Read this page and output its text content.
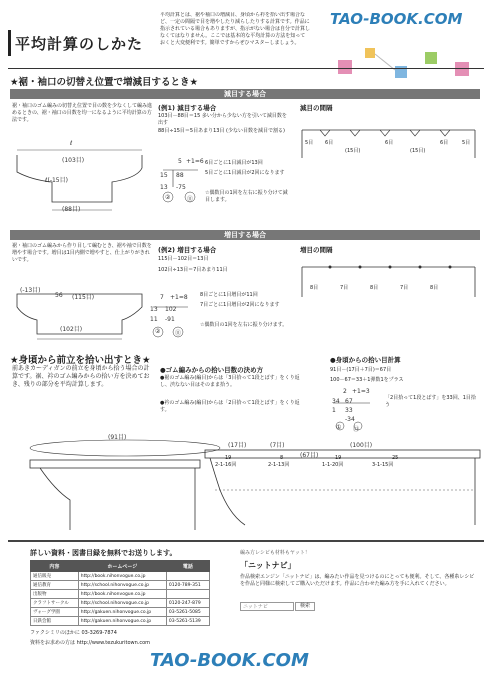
平均計算のしかた
平均計算とは、裾や袖口の増減目、身頃から衿を拾い出す場合など、一定の間隔で目を増やしたり減らしたりする計算です。作品に指示されている場合もありますが、指示がない場合は自分で計算しなくてはなりません。ここでは基本的な平均計算の方法を知っておくと大変便利です。簡単ですからぜひマスターしましょう。
TAO-BOOK.COM
★裾・袖口の切替え位置で増減目するとき★
減目する場合
裾・袖口のゴム編みの切替え位置で目の数を少なくして編み進めるときの、裾・袖口の目数を均一になるように平均計算の方法です。
ℓ
(103目)
ℓ(-15目)
(88目)
(例1) 減目する場合
103目－88目＝15 多い分から少ない方を引いて減目数を出す
88目÷15目＝5目あまり13目 (少ない目数を減目で割る)
5 +1=6
15 88
13 -75
②	⑪
6目ごとに1目減目が13回
5目ごとに1目減目が2回になります
☆偶数目の1回を左右に振り分けて減目します。
減目の間隔
5目 6目
(15目)
6目
(15目)
6目	5目
増目する場合
裾・袖口のゴム編みから作り目して編むとき、裾や袖で目数を増やす場合です。増目は1目内側で増やすと、仕上がりがきれいです。
(-13目)
56 (115目)
(102目)
(例2) 増目する場合
115目－102目＝13目
102目÷13目＝7目あまり11目
7 +1=8
13 102
11 -91
② ⑪
8目ごとに1目増目が11回
7目ごとに1目増目が2回になります
☆偶数目の1回を左右に振り分けます。
増目の間隔
8目	7目	8目	7目	8目
★身頃から前立を拾い出すとき★
前あきカーディガンの前立を身頃から拾う場合の計算です。裾、衿のゴム編みからの拾い方を決めておき、残りの部分を平均計算します。
●ゴム編みからの拾い目数の決め方
●裾のゴム編み(編目)からは「3目拾って1段とばす」をくり返し、渋なない目はそのまま拾う。
●衿のゴム編み(編目)からは「2目拾って1段とばす」をくり返す。
●身頃からの拾い目計算
91目－(17目＋7目)＝67目
100－67＝33＋1弾数1をプラス
2 +1=3
34 67
1 33
-34
① ㉝
「2目拾って1段とばす」を33回、1目拾う
(91目)
(17目)	(7目)
(67目)
(100目)
2-1-16回	2-1-13回	1-1-20回	3-1-15回
19	8	19	25
詳しい資料・図書目録を無料でお送りします。
内容	ホームページ	電話
通信販売	http://book.nihonvogue.co.jp	
通信教育	http://school.nihonvogue.co.jp	0120-789-351
出版物	http://book.nihonvogue.co.jp	
クラフトサークル	http://school.nihonvogue.co.jp	0120-247-879
ヴォーグ学園	http://gakuen.nihonvogue.co.jp	03-5261-5085
日鉄会館	http://gakuen.nihonvogue.co.jp	03-5261-5139
ファクシミリのほかに 03-3269-7874
資料をお求めの方は http://www.tezukuritown.com
編み方レシピも材料もヤット！
「ニットナビ」
作品検索エンジン「ニットナビ」は、編みたい作品を見つけるのにとっても便利。そして、各種糸レシピを作品と同様に検索してご購入いただけます。作品に合わせた編み方を手に入れてください。
ニットナビ
検索
TAO-BOOK.COM
